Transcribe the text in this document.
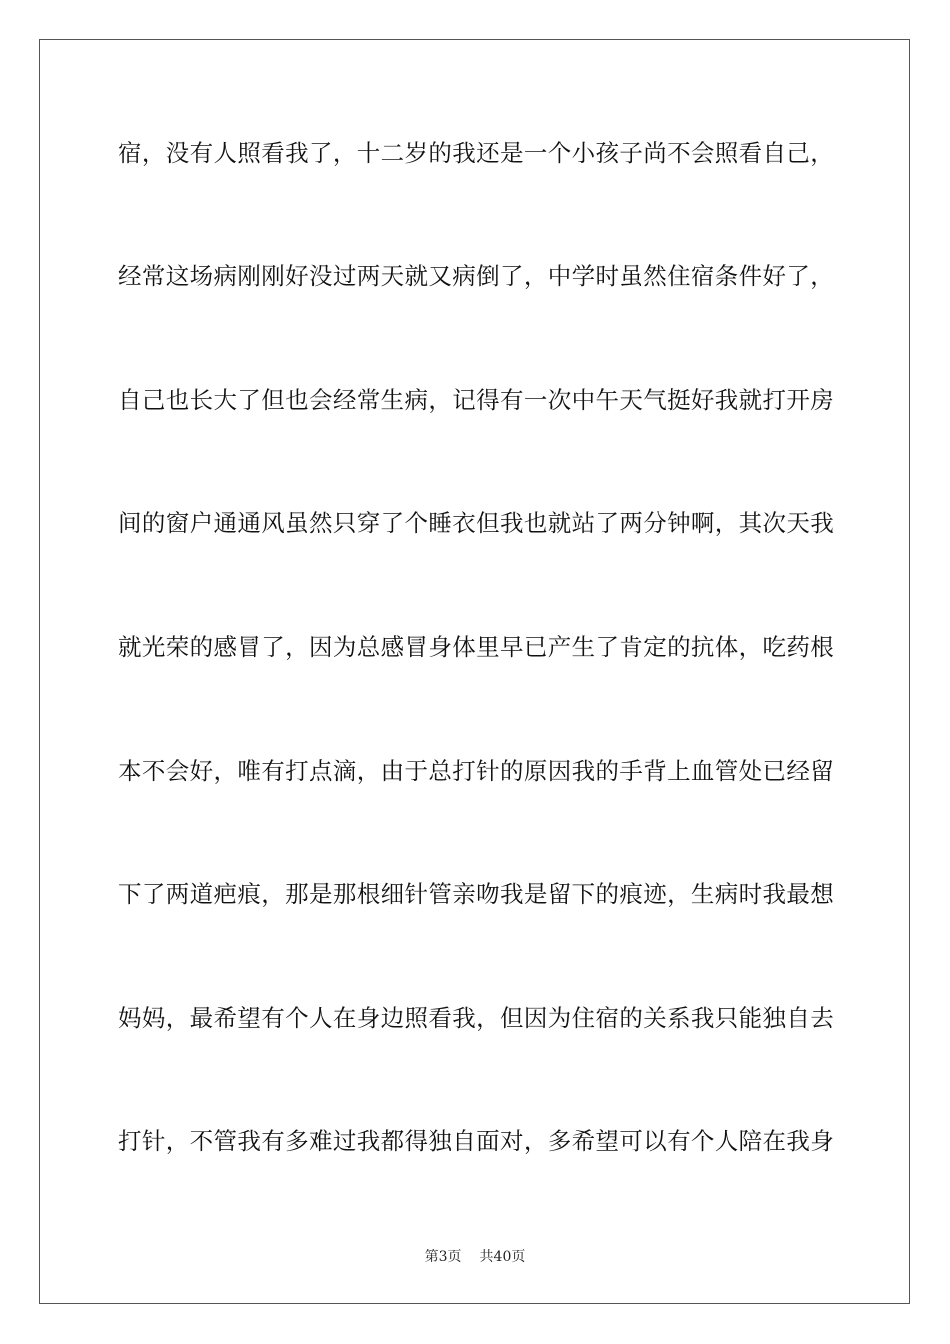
宿，没有人照看我了，十二岁的我还是一个小孩子尚不会照看自己，
经常这场病刚刚好没过两天就又病倒了，中学时虽然住宿条件好了，
自己也长大了但也会经常生病，记得有一次中午天气挺好我就打开房
间的窗户通通风虽然只穿了个睡衣但我也就站了两分钟啊，其次天我
就光荣的感冒了，因为总感冒身体里早已产生了肯定的抗体，吃药根
本不会好，唯有打点滴，由于总打针的原因我的手背上血管处已经留
下了两道疤痕，那是那根细针管亲吻我是留下的痕迹，生病时我最想
妈妈，最希望有个人在身边照看我，但因为住宿的关系我只能独自去
打针，不管我有多难过我都得独自面对，多希望可以有个人陪在我身
第3页 共40页
